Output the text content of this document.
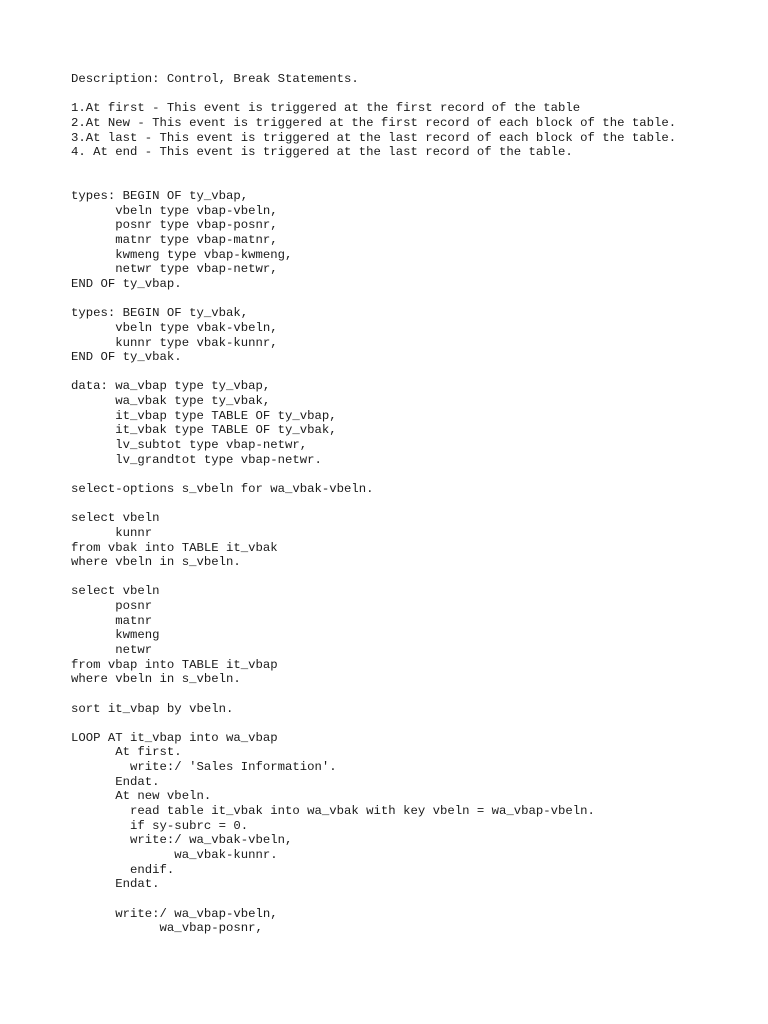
Description: Control, Break Statements.
1.At first - This event is triggered at the first record of the table
2.At New - This event is triggered at the first record of each block of the table.
3.At last - This event is triggered at the last record of each block of the table.
4. At end - This event is triggered at the last record of the table.
types: BEGIN OF ty_vbap,
vbeln type vbap-vbeln,
posnr type vbap-posnr,
matnr type vbap-matnr,
kwmeng type vbap-kwmeng,
netwr type vbap-netwr,
END OF ty_vbap.
types: BEGIN OF ty_vbak,
vbeln type vbak-vbeln,
kunnr type vbak-kunnr,
END OF ty_vbak.
data: wa_vbap type ty_vbap,
wa_vbak type ty_vbak,
it_vbap type TABLE OF ty_vbap,
it_vbak type TABLE OF ty_vbak,
lv_subtot type vbap-netwr,
lv_grandtot type vbap-netwr.
select-options s_vbeln for wa_vbak-vbeln.
select vbeln
kunnr
from vbak into TABLE it_vbak
where vbeln in s_vbeln.
select vbeln
posnr
matnr
kwmeng
netwr
from vbap into TABLE it_vbap
where vbeln in s_vbeln.
sort it_vbap by vbeln.
LOOP AT it_vbap into wa_vbap
At first.
write:/ 'Sales Information'.
Endat.
At new vbeln.
read table it_vbak into wa_vbak with key vbeln = wa_vbap-vbeln.
if sy-subrc = 0.
write:/ wa_vbak-vbeln,
wa_vbak-kunnr.
endif.
Endat.
write:/ wa_vbap-vbeln,
wa_vbap-posnr,
